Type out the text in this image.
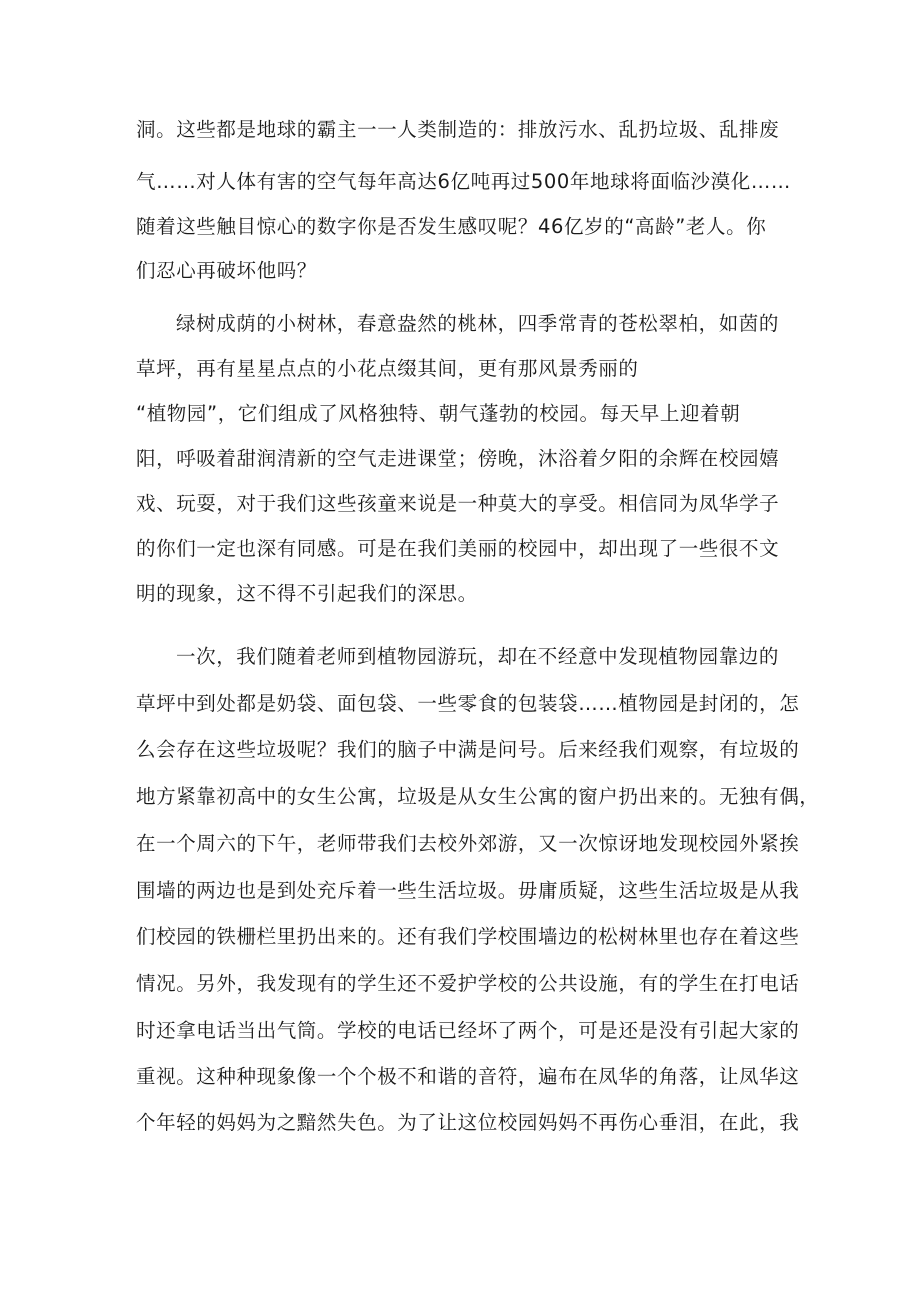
洞。这些都是地球的霸主一一人类制造的：排放污水、乱扔垃圾、乱排废

气……对人体有害的空气每年高达6亿吨再过500年地球将面临沙漠化……

随着这些触目惊心的数字你是否发生感叹呢？46亿岁的“高龄”老人。你

们忍心再破坏他吗？

绿树成荫的小树林，春意盎然的桃林，四季常青的苍松翠柏，如茵的

草坪，再有星星点点的小花点缀其间，更有那风景秀丽的

“植物园”，它们组成了风格独特、朝气蓬勃的校园。每天早上迎着朝

阳，呼吸着甜润清新的空气走进课堂；傍晚，沐浴着夕阳的余辉在校园嬉

戏、玩耍，对于我们这些孩童来说是一种莫大的享受。相信同为凤华学子

的你们一定也深有同感。可是在我们美丽的校园中，却出现了一些很不文

明的现象，这不得不引起我们的深思。

一次，我们随着老师到植物园游玩，却在不经意中发现植物园靠边的

草坪中到处都是奶袋、面包袋、一些零食的包装袋……植物园是封闭的，怎

么会存在这些垃圾呢？我们的脑子中满是问号。后来经我们观察，有垃圾的

地方紧靠初高中的女生公寓，垃圾是从女生公寓的窗户扔出来的。无独有偶，

在一个周六的下午，老师带我们去校外郊游，又一次惊讶地发现校园外紧挨

围墙的两边也是到处充斥着一些生活垃圾。毋庸质疑，这些生活垃圾是从我

们校园的铁栅栏里扔出来的。还有我们学校围墙边的松树林里也存在着这些

情况。另外，我发现有的学生还不爱护学校的公共设施，有的学生在打电话

时还拿电话当出气筒。学校的电话已经坏了两个，可是还是没有引起大家的

重视。这种种现象像一个个极不和谐的音符，遍布在凤华的角落，让凤华这

个年轻的妈妈为之黯然失色。为了让这位校园妈妈不再伤心垂泪，在此，我
